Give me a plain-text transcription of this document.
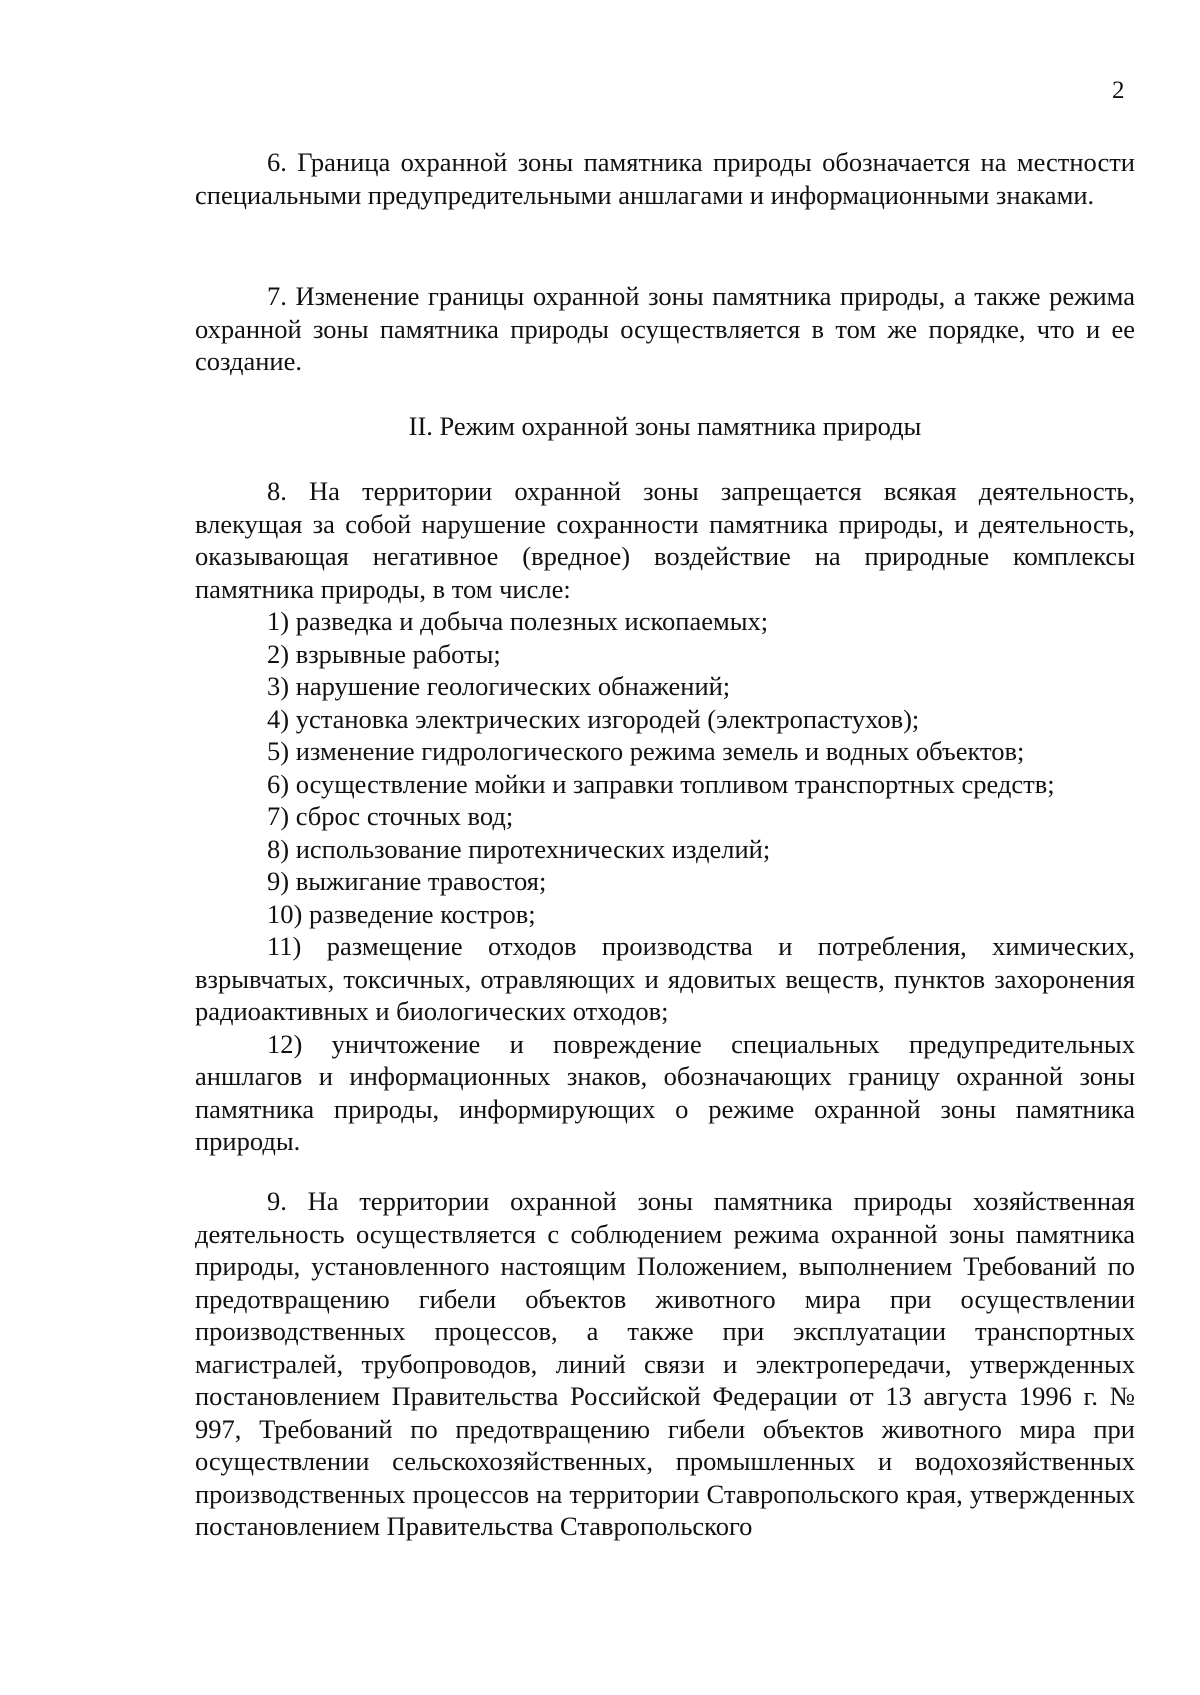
2

6. Граница охранной зоны памятника природы обозначается на местности специальными предупредительными аншлагами и информационными знаками.

7. Изменение границы охранной зоны памятника природы, а также режима охранной зоны памятника природы осуществляется в том же порядке, что и ее создание.

II. Режим охранной зоны памятника природы

8. На территории охранной зоны запрещается всякая деятельность, влекущая за собой нарушение сохранности памятника природы, и деятельность, оказывающая негативное (вредное) воздействие на природные комплексы памятника природы, в том числе:

1) разведка и добыча полезных ископаемых;

2) взрывные работы;

3) нарушение геологических обнажений;

4) установка электрических изгородей (электропастухов);

5) изменение гидрологического режима земель и водных объектов;

6) осуществление мойки и заправки топливом транспортных средств;

7) сброс сточных вод;

8) использование пиротехнических изделий;

9) выжигание травостоя;

10) разведение костров;

11) размещение отходов производства и потребления, химических, взрывчатых, токсичных, отравляющих и ядовитых веществ, пунктов захоронения радиоактивных и биологических отходов;

12) уничтожение и повреждение специальных предупредительных аншлагов и информационных знаков, обозначающих границу охранной зоны памятника природы, информирующих о режиме охранной зоны памятника природы.

9. На территории охранной зоны памятника природы хозяйственная деятельность осуществляется с соблюдением режима охранной зоны памятника природы, установленного настоящим Положением, выполнением Требований по предотвращению гибели объектов животного мира при осуществлении производственных процессов, а также при эксплуатации транспортных магистралей, трубопроводов, линий связи и электропередачи, утвержденных постановлением Правительства Российской Федерации от 13 августа 1996 г. № 997, Требований по предотвращению гибели объектов животного мира при осуществлении сельскохозяйственных, промышленных и водохозяйственных производственных процессов на территории Ставропольского края, утвержденных постановлением Правительства Ставропольского
